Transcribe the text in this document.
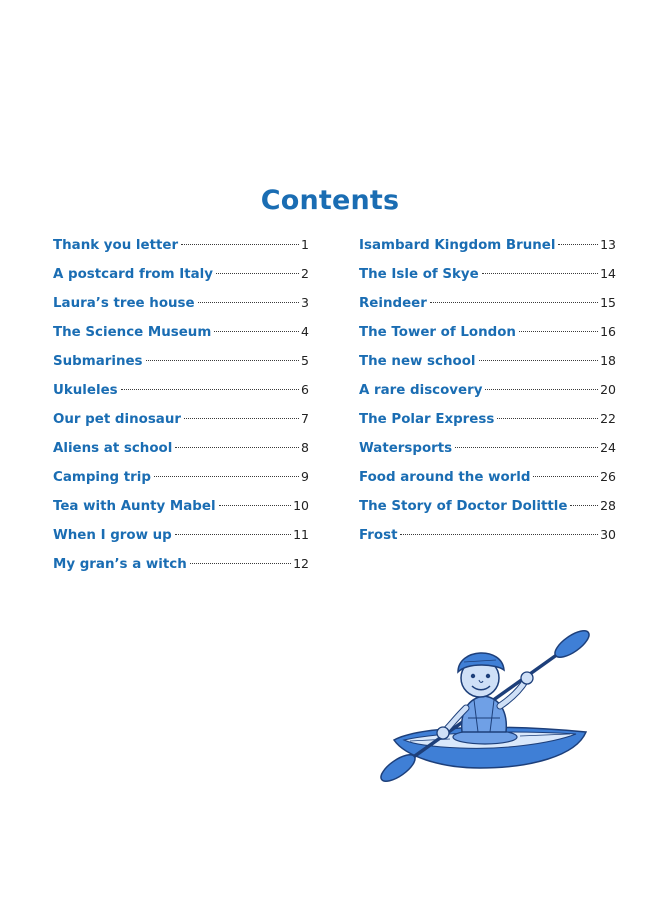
Contents
Thank you letter	1
A postcard from Italy	2
Laura’s tree house	3
The Science Museum	4
Submarines	5
Ukuleles	6
Our pet dinosaur	7
Aliens at school	8
Camping trip	9
Tea with Aunty Mabel	10
When I grow up	11
My gran’s a witch	12
Isambard Kingdom Brunel	13
The Isle of Skye	14
Reindeer	15
The Tower of London	16
The new school	18
A rare discovery	20
The Polar Express	22
Watersports	24
Food around the world	26
The Story of Doctor Dolittle	28
Frost	30
